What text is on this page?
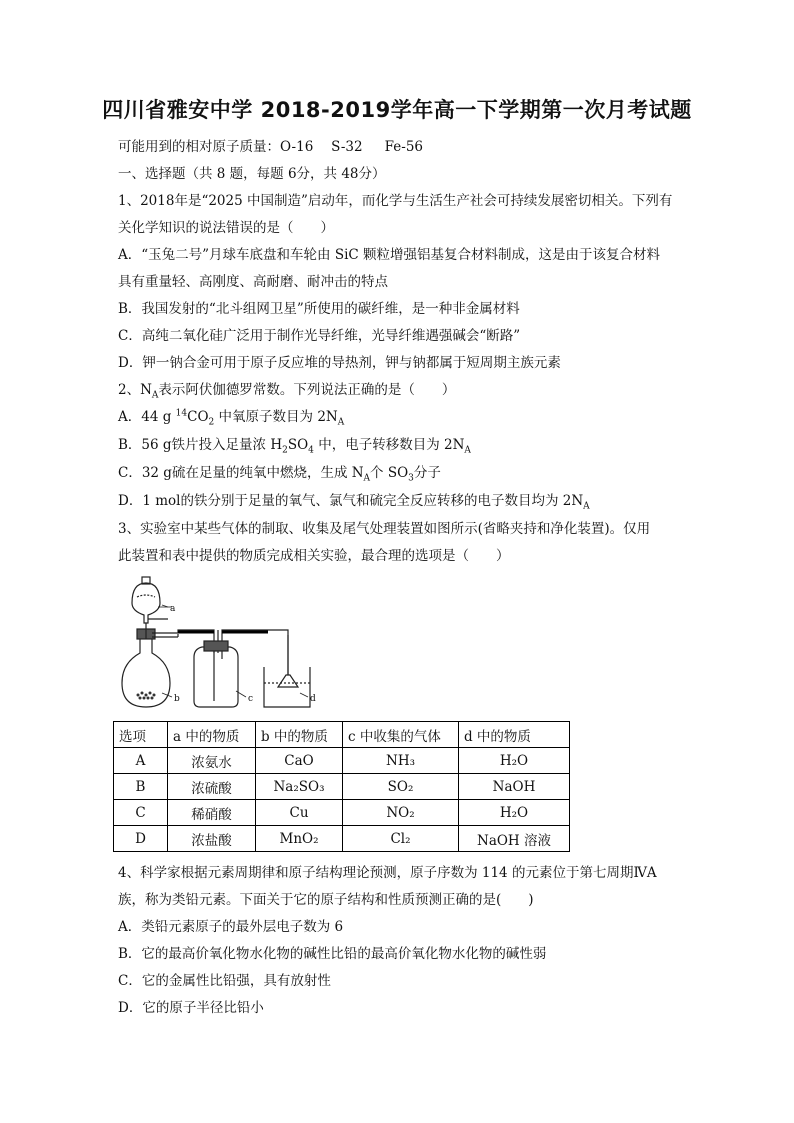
四川省雅安中学 2018-2019学年高一下学期第一次月考试题
可能用到的相对原子质量：O-16　 S-32 　 Fe-56
一、选择题（共 8 题，每题 6分，共 48分）
1、2018年是“2025 中国制造”启动年，而化学与生活生产社会可持续发展密切相关。下列有
关化学知识的说法错误的是（　　）
A．“玉兔二号”月球车底盘和车轮由 SiC 颗粒增强铝基复合材料制成，这是由于该复合材料
具有重量轻、高刚度、高耐磨、耐冲击的特点
B．我国发射的“北斗组网卫星”所使用的碳纤维，是一种非金属材料
C．高纯二氧化硅广泛用于制作光导纤维，光导纤维遇强碱会“断路”
D．钾一钠合金可用于原子反应堆的导热剂，钾与钠都属于短周期主族元素
2、$N_A$表示阿伏伽德罗常数。下列说法正确的是（　　）
A．44 g $^{14}CO_2$ 中氧原子数目为 $2N_A$
B．56 g铁片投入足量浓 $H_2SO_4$ 中，电子转移数目为 $2N_A$
C．32 g硫在足量的纯氧中燃烧，生成 $N_A$个 $SO_3$分子
D．1 mol的铁分别于足量的氧气、氯气和硫完全反应转移的电子数目均为 $2N_A$
3、实验室中某些气体的制取、收集及尾气处理装置如图所示(省略夹持和净化装置)。仅用
此装置和表中提供的物质完成相关实验，最合理的选项是（　　）
a
b	c	d
选项	a 中的物质	b 中的物质	c 中收集的气体	d 中的物质
A	浓氨水	CaO	NH₃	H₂O
B	浓硫酸	Na₂SO₃	SO₂	NaOH
C	稀硝酸	Cu	NO₂	H₂O
D	浓盐酸	MnO₂	Cl₂	NaOH 溶液
4、科学家根据元素周期律和原子结构理论预测，原子序数为 114 的元素位于第七周期ⅣA
族，称为类铅元素。下面关于它的原子结构和性质预测正确的是(　　)
A．类铅元素原子的最外层电子数为 6
B．它的最高价氧化物水化物的碱性比铅的最高价氧化物水化物的碱性弱
C．它的金属性比铅强，具有放射性
D．它的原子半径比铅小
